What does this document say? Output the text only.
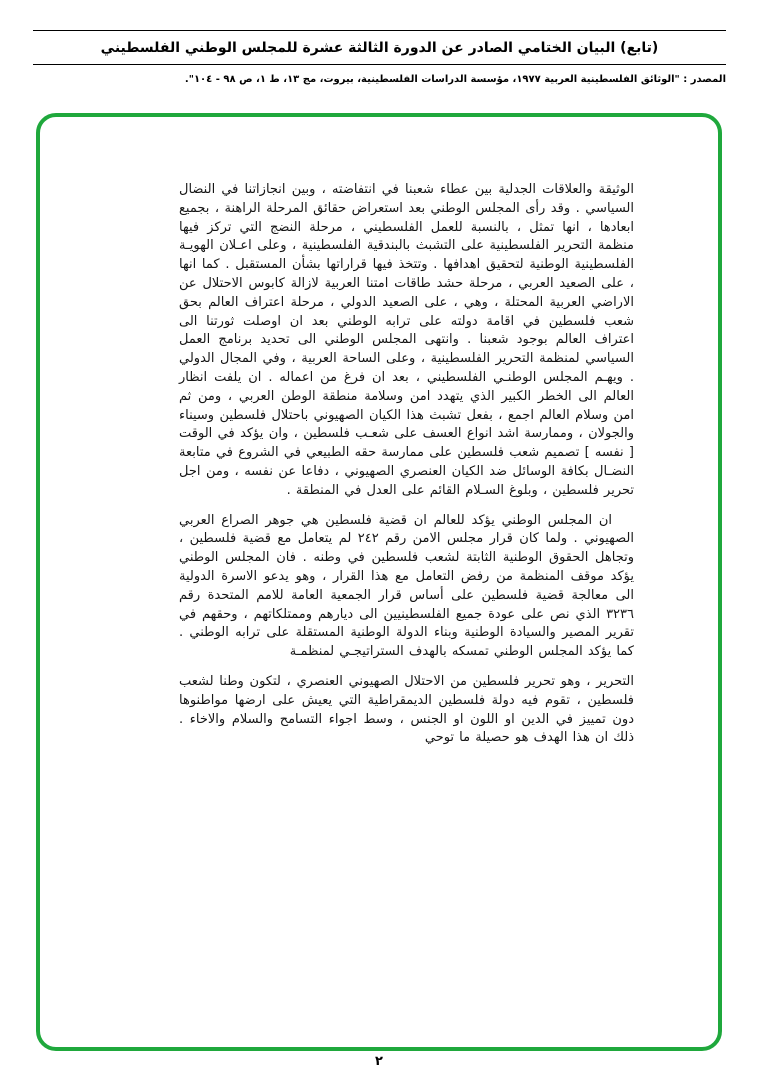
(تابع) البيان الختامي الصادر عن الدورة الثالثة عشرة للمجلس الوطني الفلسطيني
المصدر : "الوثائق الفلسطينية العربية ١٩٧٧، مؤسسة الدراسات الفلسطينية، بيروت، مج ١٣، ط ١، ص ٩٨ - ١٠٤".

الوثيقة والعلاقات الجدلية بين عطاء شعبنا في انتفاضته ، وبين انجازاتنا في النضال السياسي . وقد رأى المجلس الوطني بعد استعراض حقائق المرحلة الراهنة ، بجميع ابعادها ، انها تمثل ، بالنسبة للعمل الفلسطيني ، مرحلة النضج التي تركز فيها منظمة التحرير الفلسطينية على التشبث بالبندقية الفلسطينية ، وعلى اعـلان الهويـة الفلسطينية الوطنية لتحقيق اهدافها . وتتخذ فيها قراراتها بشأن المستقبل . كما انها ، على الصعيد العربي ، مرحلة حشد طاقات امتنا العربية لازالة كابوس الاحتلال عن الاراضي العربية المحتلة ، وهي ، على الصعيد الدولي ، مرحلة اعتراف العالم بحق شعب فلسطين في اقامة دولته على ترابه الوطني بعد ان اوصلت ثورتنا الى اعتراف العالم بوجود شعبنا . وانتهى المجلس الوطني الى تحديد برنامج العمل السياسي لمنظمة التحرير الفلسطينية ، وعلى الساحة العربية ، وفي المجال الدولي . ويهـم المجلس الوطنـي الفلسطيني ، بعد ان فرغ من اعماله . ان يلفت انظار العالم الى الخطر الكبير الذي يتهدد امن وسلامة منطقة الوطن العربي ، ومن ثم امن وسلام العالم اجمع ، بفعل تشبث هذا الكيان الصهيوني باحتلال فلسطين وسيناء والجولان ، وممارسة اشد انواع العسف على شعـب فلسطين ، وان يؤكد في الوقت [ نفسه ] تصميم شعب فلسطين على ممارسة حقه الطبيعي في الشروع في متابعة النضـال بكافة الوسائل ضد الكيان العنصري الصهيوني ، دفاعا عن نفسه ، ومن اجل تحرير فلسطين ، وبلوغ السـلام القائم على العدل في المنطقة .

ان المجلس الوطني يؤكد للعالم ان قضية فلسطين هي جوهر الصراع العربي الصهيوني . ولما كان قرار مجلس الامن رقم ٢٤٢ لم يتعامل مع قضية فلسطين ، وتجاهل الحقوق الوطنية الثابتة لشعب فلسطين في وطنه . فان المجلس الوطني يؤكد موقف المنظمة من رفض التعامل مع هذا القرار ، وهو يدعو الاسرة الدولية الى معالجة قضية فلسطين على أساس قرار الجمعية العامة للامم المتحدة رقم ٣٢٣٦ الذي نص على عودة جميع الفلسطينيين الى ديارهم وممتلكاتهم ، وحقهم في تقرير المصير والسيادة الوطنية وبناء الدولة الوطنية المستقلة على ترابه الوطني . كما يؤكد المجلس الوطني تمسكه بالهدف الستراتيجـي لمنظمـة

التحرير ، وهو تحرير فلسطين من الاحتلال الصهيوني العنصري ، لتكون وطنا لشعب فلسطين ، تقوم فيه دولة فلسطين الديمقراطية التي يعيش على ارضها مواطنوها دون تمييز في الدين او اللون او الجنس ، وسط اجواء التسامح والسلام والاخاء . ذلك ان هذا الهدف هو حصيلة ما توحي

٢
